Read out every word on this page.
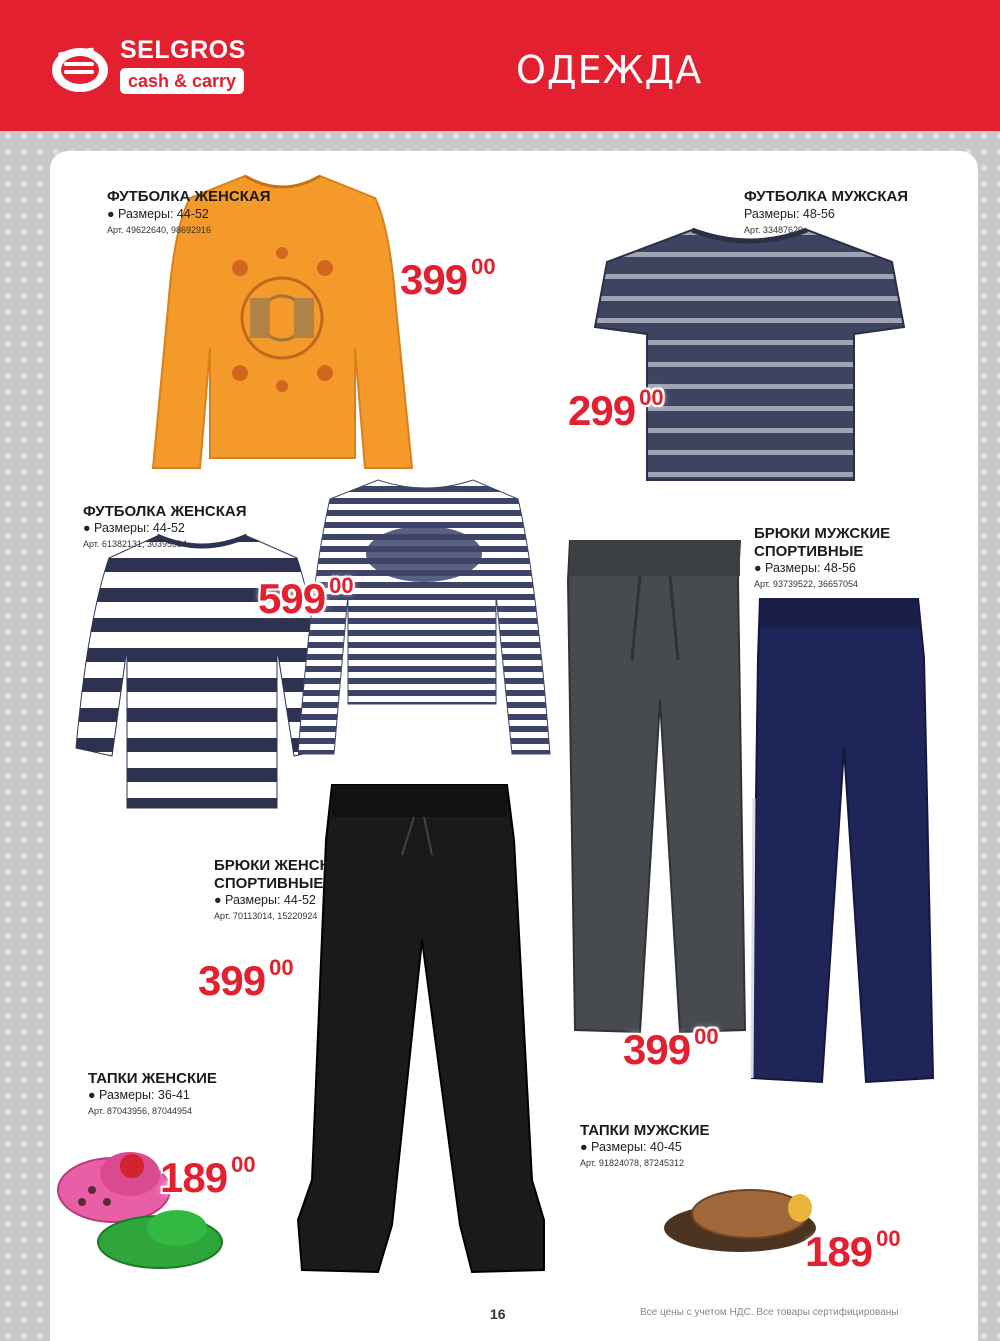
SELGROS
cash & carry	ОДЕЖДА
ФУТБОЛКА ЖЕНСКАЯ
● Размеры: 44-52
Арт. 49622640, 98692916
399 00
ФУТБОЛКА МУЖСКАЯ
Размеры: 48-56
Арт. 33487620
299 00
ФУТБОЛКА ЖЕНСКАЯ
● Размеры: 44-52
Арт. 61382131, 30395594
599 00
БРЮКИ МУЖСКИЕ
СПОРТИВНЫЕ
● Размеры: 48-56
Арт. 93739522, 36657054
399 00
БРЮКИ ЖЕНСКИЕ
СПОРТИВНЫЕ
● Размеры: 44-52
Арт. 70113014, 15220924
399 00
ТАПКИ ЖЕНСКИЕ
● Размеры: 36-41
Арт. 87043956, 87044954
189 00
ТАПКИ МУЖСКИЕ
● Размеры: 40-45
Арт. 91824078, 87245312
189 00
16	Все цены с учетом НДС. Все товары сертифицированы
